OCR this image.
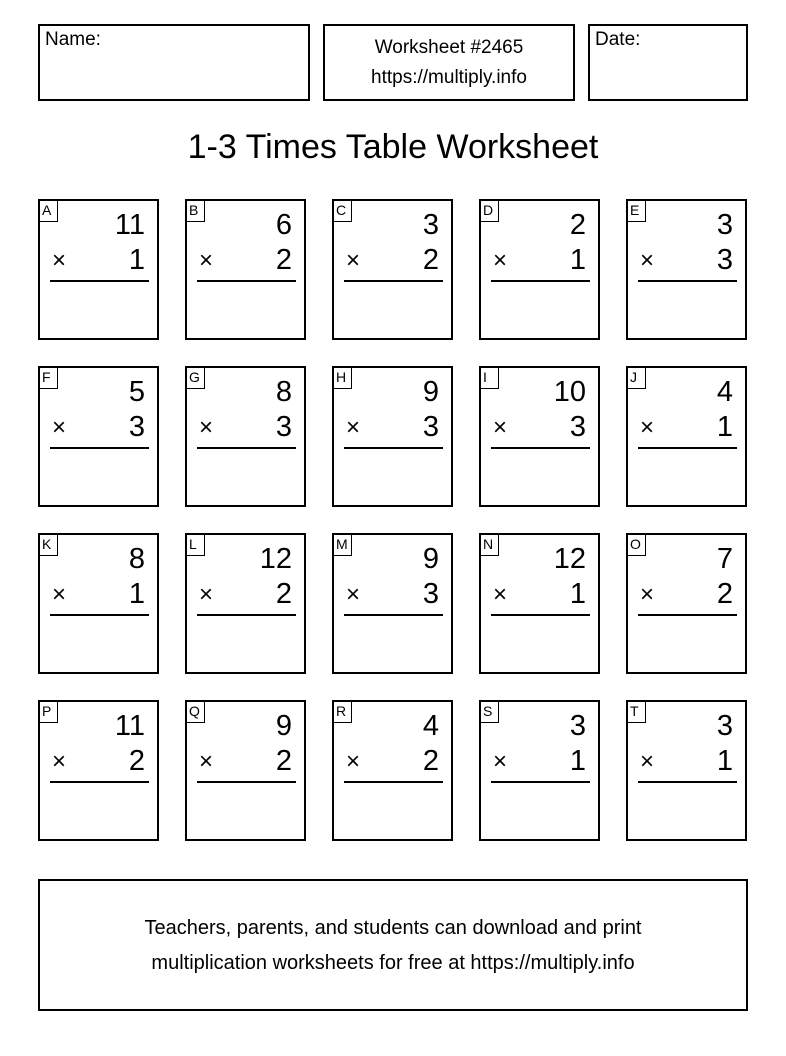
Name:	Worksheet #2465
https://multiply.info
Date:
1-3 Times Table Worksheet
A 11
× 1
B	6
× 2
C	3
× 2
D	2
× 1
E	3
× 3
F	5
× 3
G	8
× 3
H	9
× 3
I	10
× 3
J	4
× 1
K	8
× 1
L 12
× 2
M	9
× 3
N 12
× 1
O	7
× 2
P 11
× 2
Q	9
× 2
R	4
× 2
S	3
× 1
T	3
× 1
Teachers, parents, and students can download and print
multiplication worksheets for free at https://multiply.info
